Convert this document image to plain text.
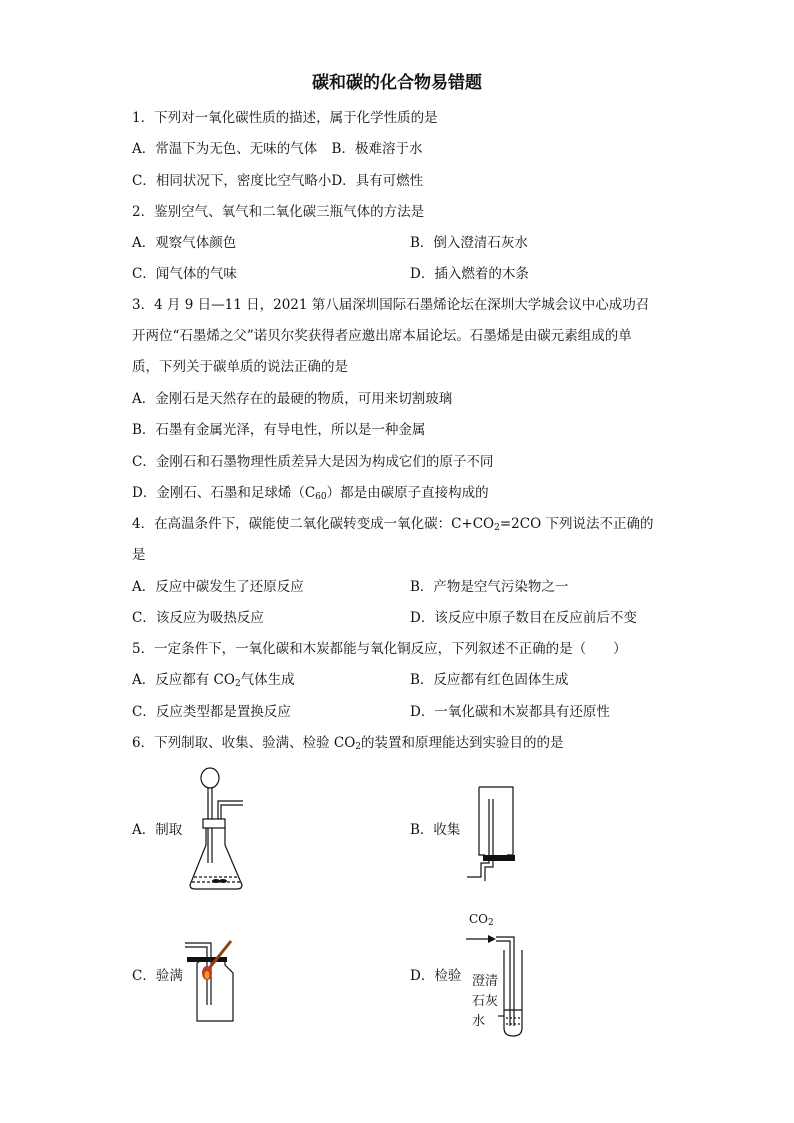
碳和碳的化合物易错题
1．下列对一氧化碳性质的描述，属于化学性质的是
A．常温下为无色、无味的气体 B．极难溶于水
C．相同状况下，密度比空气略小D．具有可燃性
2．鉴别空气、氧气和二氧化碳三瓶气体的方法是
A．观察气体颜色	B．倒入澄清石灰水
C．闻气体的气味	D．插入燃着的木条
3．4 月 9 日—11 日，2021 第八届深圳国际石墨烯论坛在深圳大学城会议中心成功召
开两位“石墨烯之父”诺贝尔奖获得者应邀出席本届论坛。石墨烯是由碳元素组成的单
质，下列关于碳单质的说法正确的是
A．金刚石是天然存在的最硬的物质，可用来切割玻璃
B．石墨有金属光泽，有导电性，所以是一种金属
C．金刚石和石墨物理性质差异大是因为构成它们的原子不同
D．金刚石、石墨和足球烯$(C_{60})$都是由碳原子直接构成的
4．在高温条件下，碳能使二氧化碳转变成一氧化碳：$C+CO_2=2CO$ 下列说法不正确的
是
A．反应中碳发生了还原反应	B．产物是空气污染物之一
C．该反应为吸热反应	D．该反应中原子数目在反应前后不变
5．一定条件下，一氧化碳和木炭都能与氧化铜反应，下列叙述不正确的是（　　）
A．反应都有 $CO_2$气体生成	B．反应都有红色固体生成
C．反应类型都是置换反应	D．一氧化碳和木炭都具有还原性
6．下列制取、收集、验满、检验 $CO_2$的装置和原理能达到实验目的的是
A．制取	B．收集
C．验满	D．检验
$CO_2$
澄清
石灰
水
